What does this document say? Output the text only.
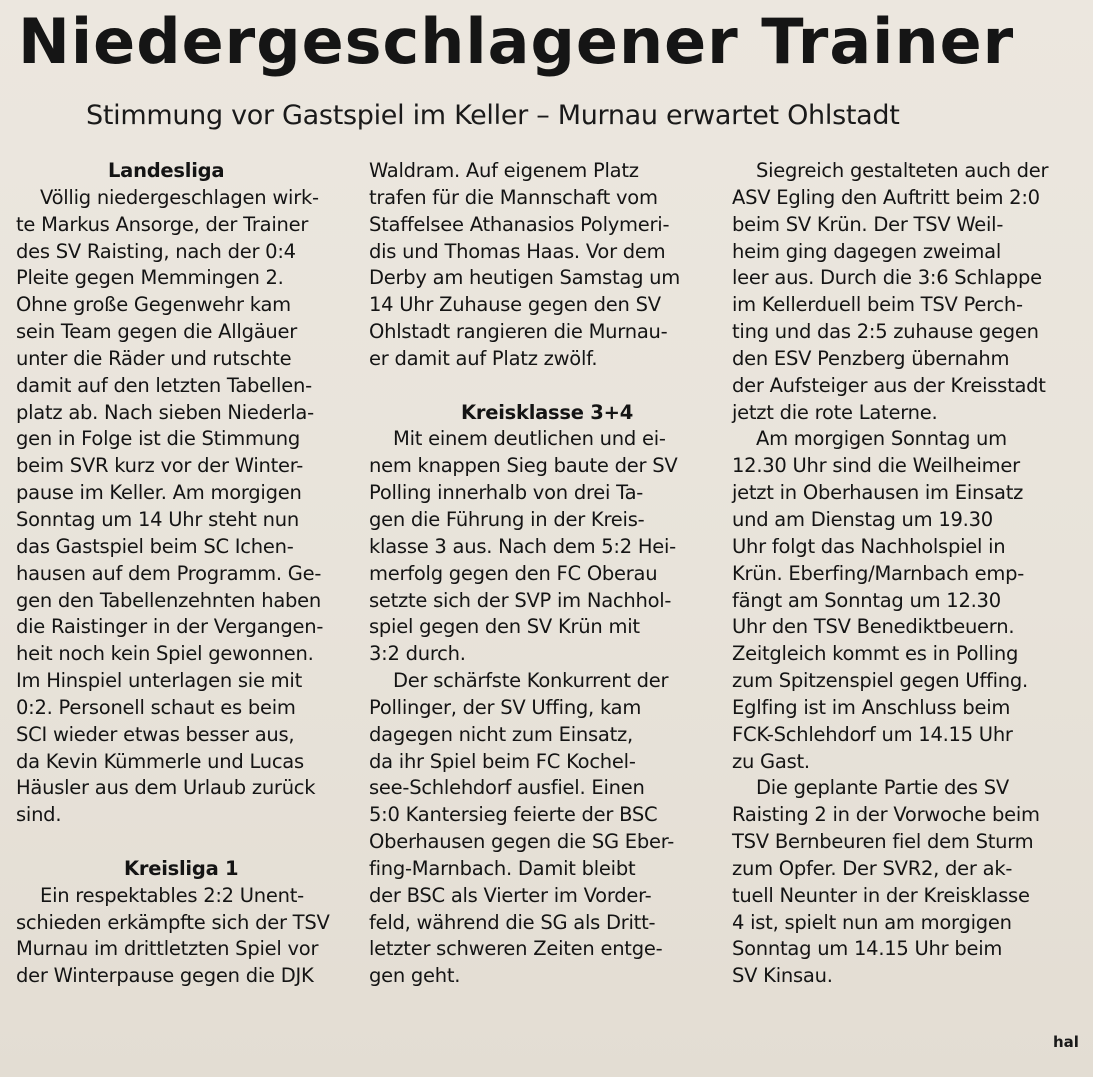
Niedergeschlagener Trainer
Stimmung vor Gastspiel im Keller – Murnau erwartet Ohlstadt
Landesliga
Völlig niedergeschlagen wirk-
te Markus Ansorge, der Trainer
des SV Raisting, nach der 0:4
Pleite gegen Memmingen 2.
Ohne große Gegenwehr kam
sein Team gegen die Allgäuer
unter die Räder und rutschte
damit auf den letzten Tabellen-
platz ab. Nach sieben Niederla-
gen in Folge ist die Stimmung
beim SVR kurz vor der Winter-
pause im Keller. Am morgigen
Sonntag um 14 Uhr steht nun
das Gastspiel beim SC Ichen-
hausen auf dem Programm. Ge-
gen den Tabellenzehnten haben
die Raistinger in der Vergangen-
heit noch kein Spiel gewonnen.
Im Hinspiel unterlagen sie mit
0:2. Personell schaut es beim
SCI wieder etwas besser aus,
da Kevin Kümmerle und Lucas
Häusler aus dem Urlaub zurück
sind.
Kreisliga 1
Ein respektables 2:2 Unent-
schieden erkämpfte sich der TSV
Murnau im drittletzten Spiel vor
der Winterpause gegen die DJK
Waldram. Auf eigenem Platz
trafen für die Mannschaft vom
Staffelsee Athanasios Polymeri-
dis und Thomas Haas. Vor dem
Derby am heutigen Samstag um
14 Uhr Zuhause gegen den SV
Ohlstadt rangieren die Murnau-
er damit auf Platz zwölf.
Kreisklasse 3+4
Mit einem deutlichen und ei-
nem knappen Sieg baute der SV
Polling innerhalb von drei Ta-
gen die Führung in der Kreis-
klasse 3 aus. Nach dem 5:2 Hei-
merfolg gegen den FC Oberau
setzte sich der SVP im Nachhol-
spiel gegen den SV Krün mit
3:2 durch.
Der schärfste Konkurrent der
Pollinger, der SV Uffing, kam
dagegen nicht zum Einsatz,
da ihr Spiel beim FC Kochel-
see-Schlehdorf ausfiel. Einen
5:0 Kantersieg feierte der BSC
Oberhausen gegen die SG Eber-
fing-Marnbach. Damit bleibt
der BSC als Vierter im Vorder-
feld, während die SG als Dritt-
letzter schweren Zeiten entge-
gen geht.
Siegreich gestalteten auch der
ASV Egling den Auftritt beim 2:0
beim SV Krün. Der TSV Weil-
heim ging dagegen zweimal
leer aus. Durch die 3:6 Schlappe
im Kellerduell beim TSV Perch-
ting und das 2:5 zuhause gegen
den ESV Penzberg übernahm
der Aufsteiger aus der Kreisstadt
jetzt die rote Laterne.
Am morgigen Sonntag um
12.30 Uhr sind die Weilheimer
jetzt in Oberhausen im Einsatz
und am Dienstag um 19.30
Uhr folgt das Nachholspiel in
Krün. Eberfing/Marnbach emp-
fängt am Sonntag um 12.30
Uhr den TSV Benediktbeuern.
Zeitgleich kommt es in Polling
zum Spitzenspiel gegen Uffing.
Eglfing ist im Anschluss beim
FCK-Schlehdorf um 14.15 Uhr
zu Gast.
Die geplante Partie des SV
Raisting 2 in der Vorwoche beim
TSV Bernbeuren fiel dem Sturm
zum Opfer. Der SVR2, der ak-
tuell Neunter in der Kreisklasse
4 ist, spielt nun am morgigen
Sonntag um 14.15 Uhr beim
SV Kinsau.
hal
